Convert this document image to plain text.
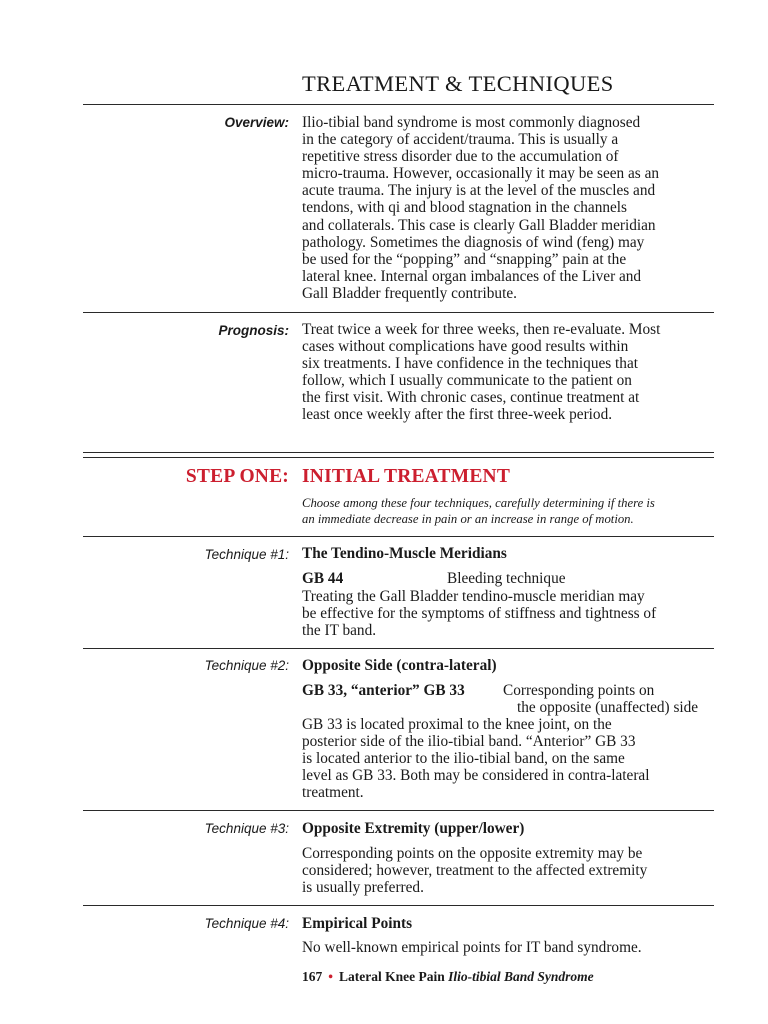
TREATMENT & TECHNIQUES
Overview: Ilio-tibial band syndrome is most commonly diagnosed
in the category of accident/trauma. This is usually a
repetitive stress disorder due to the accumulation of
micro-trauma. However, occasionally it may be seen as an
acute trauma. The injury is at the level of the muscles and
tendons, with qi and blood stagnation in the channels
and collaterals. This case is clearly Gall Bladder meridian
pathology. Sometimes the diagnosis of wind (feng) may
be used for the “popping” and “snapping” pain at the
lateral knee. Internal organ imbalances of the Liver and
Gall Bladder frequently contribute.
Prognosis: Treat twice a week for three weeks, then re-evaluate. Most
cases without complications have good results within
six treatments. I have confidence in the techniques that
follow, which I usually communicate to the patient on
the first visit. With chronic cases, continue treatment at
least once weekly after the first three-week period.
STEP ONE: INITIAL TREATMENT
Choose among these four techniques, carefully determining if there is
an immediate decrease in pain or an increase in range of motion.
Technique #1: The Tendino-Muscle Meridians
GB 44	Bleeding technique
Treating the Gall Bladder tendino-muscle meridian may
be effective for the symptoms of stiffness and tightness of
the IT band.
Technique #2: Opposite Side (contra-lateral)
GB 33, “anterior” GB 33	Corresponding points on
the opposite (unaffected) side
GB 33 is located proximal to the knee joint, on the
posterior side of the ilio-tibial band. “Anterior” GB 33
is located anterior to the ilio-tibial band, on the same
level as GB 33. Both may be considered in contra-lateral
treatment.
Technique #3: Opposite Extremity (upper/lower)
Corresponding points on the opposite extremity may be
considered; however, treatment to the affected extremity
is usually preferred.
Technique #4: Empirical Points
No well-known empirical points for IT band syndrome.
167 • Lateral Knee Pain Ilio-tibial Band Syndrome
